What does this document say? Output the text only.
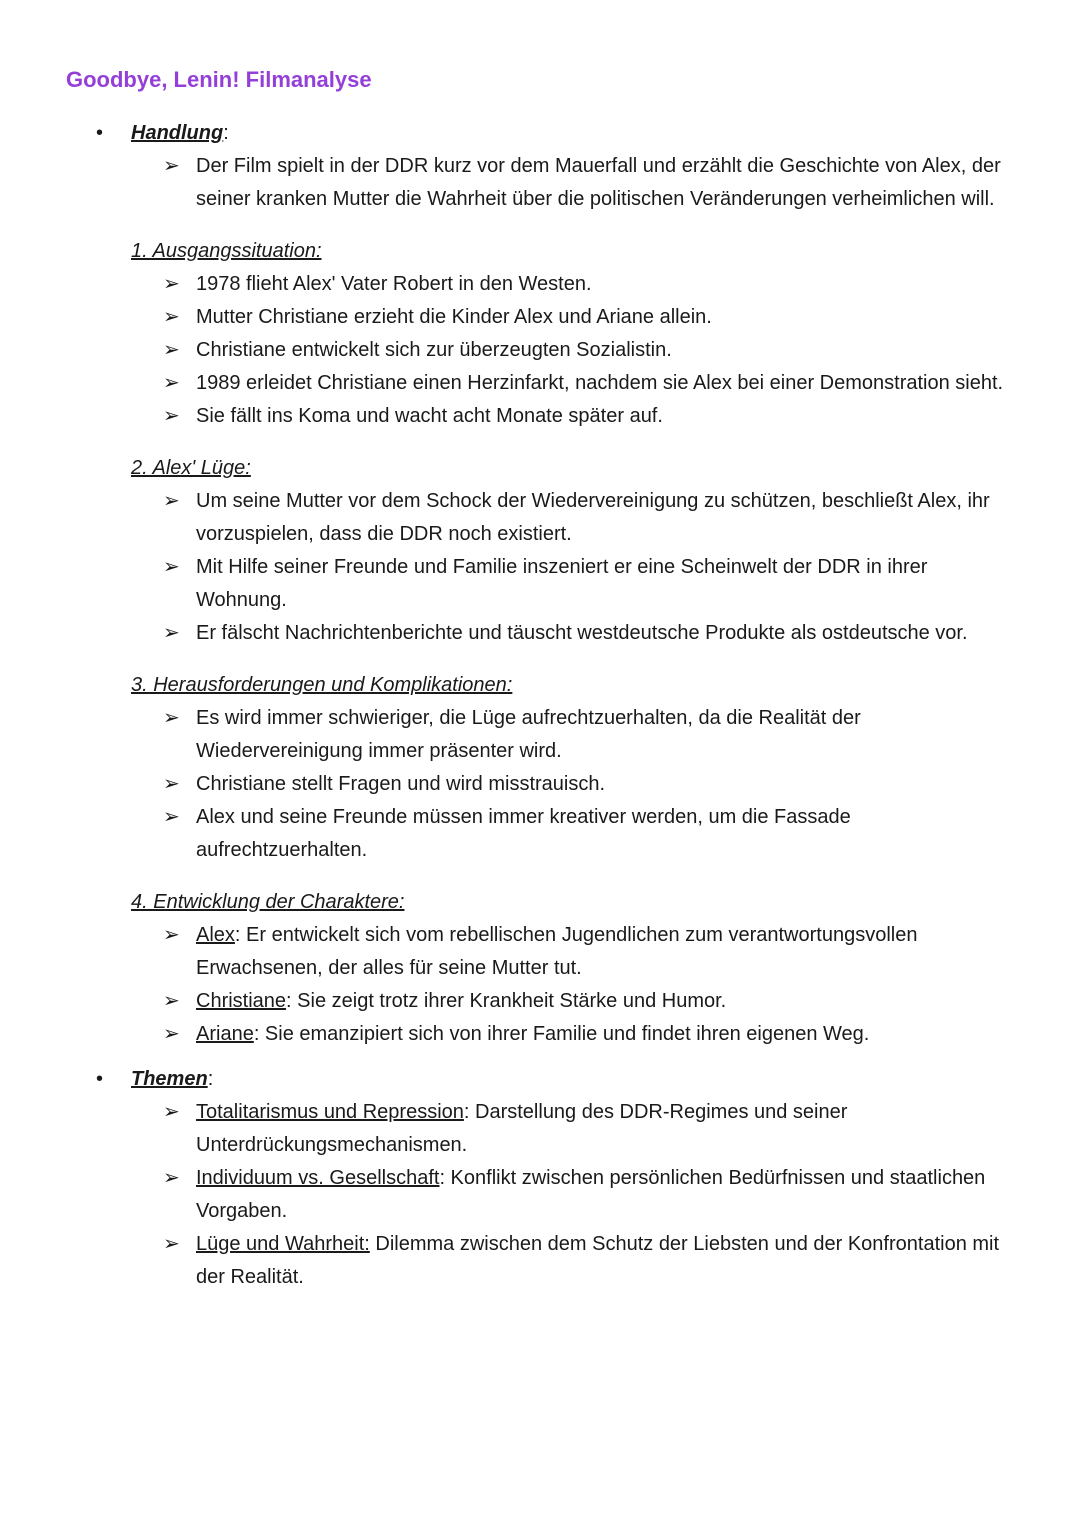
Goodbye, Lenin! Filmanalyse
• Handlung:
➢ Der Film spielt in der DDR kurz vor dem Mauerfall und erzählt die Geschichte von Alex, der seiner kranken Mutter die Wahrheit über die politischen Veränderungen verheimlichen will.
1. Ausgangssituation:
➢ 1978 flieht Alex' Vater Robert in den Westen.
➢ Mutter Christiane erzieht die Kinder Alex und Ariane allein.
➢ Christiane entwickelt sich zur überzeugten Sozialistin.
➢ 1989 erleidet Christiane einen Herzinfarkt, nachdem sie Alex bei einer Demonstration sieht.
➢ Sie fällt ins Koma und wacht acht Monate später auf.
2. Alex' Lüge:
➢ Um seine Mutter vor dem Schock der Wiedervereinigung zu schützen, beschließt Alex, ihr vorzuspielen, dass die DDR noch existiert.
➢ Mit Hilfe seiner Freunde und Familie inszeniert er eine Scheinwelt der DDR in ihrer Wohnung.
➢ Er fälscht Nachrichtenberichte und täuscht westdeutsche Produkte als ostdeutsche vor.
3. Herausforderungen und Komplikationen:
➢ Es wird immer schwieriger, die Lüge aufrechtzuerhalten, da die Realität der Wiedervereinigung immer präsenter wird.
➢ Christiane stellt Fragen und wird misstrauisch.
➢ Alex und seine Freunde müssen immer kreativer werden, um die Fassade aufrechtzuerhalten.
4. Entwicklung der Charaktere:
➢ Alex: Er entwickelt sich vom rebellischen Jugendlichen zum verantwortungsvollen Erwachsenen, der alles für seine Mutter tut.
➢ Christiane: Sie zeigt trotz ihrer Krankheit Stärke und Humor.
➢ Ariane: Sie emanzipiert sich von ihrer Familie und findet ihren eigenen Weg.
• Themen:
➢ Totalitarismus und Repression: Darstellung des DDR-Regimes und seiner Unterdrückungsmechanismen.
➢ Individuum vs. Gesellschaft: Konflikt zwischen persönlichen Bedürfnissen und staatlichen Vorgaben.
➢ Lüge und Wahrheit: Dilemma zwischen dem Schutz der Liebsten und der Konfrontation mit der Realität.
